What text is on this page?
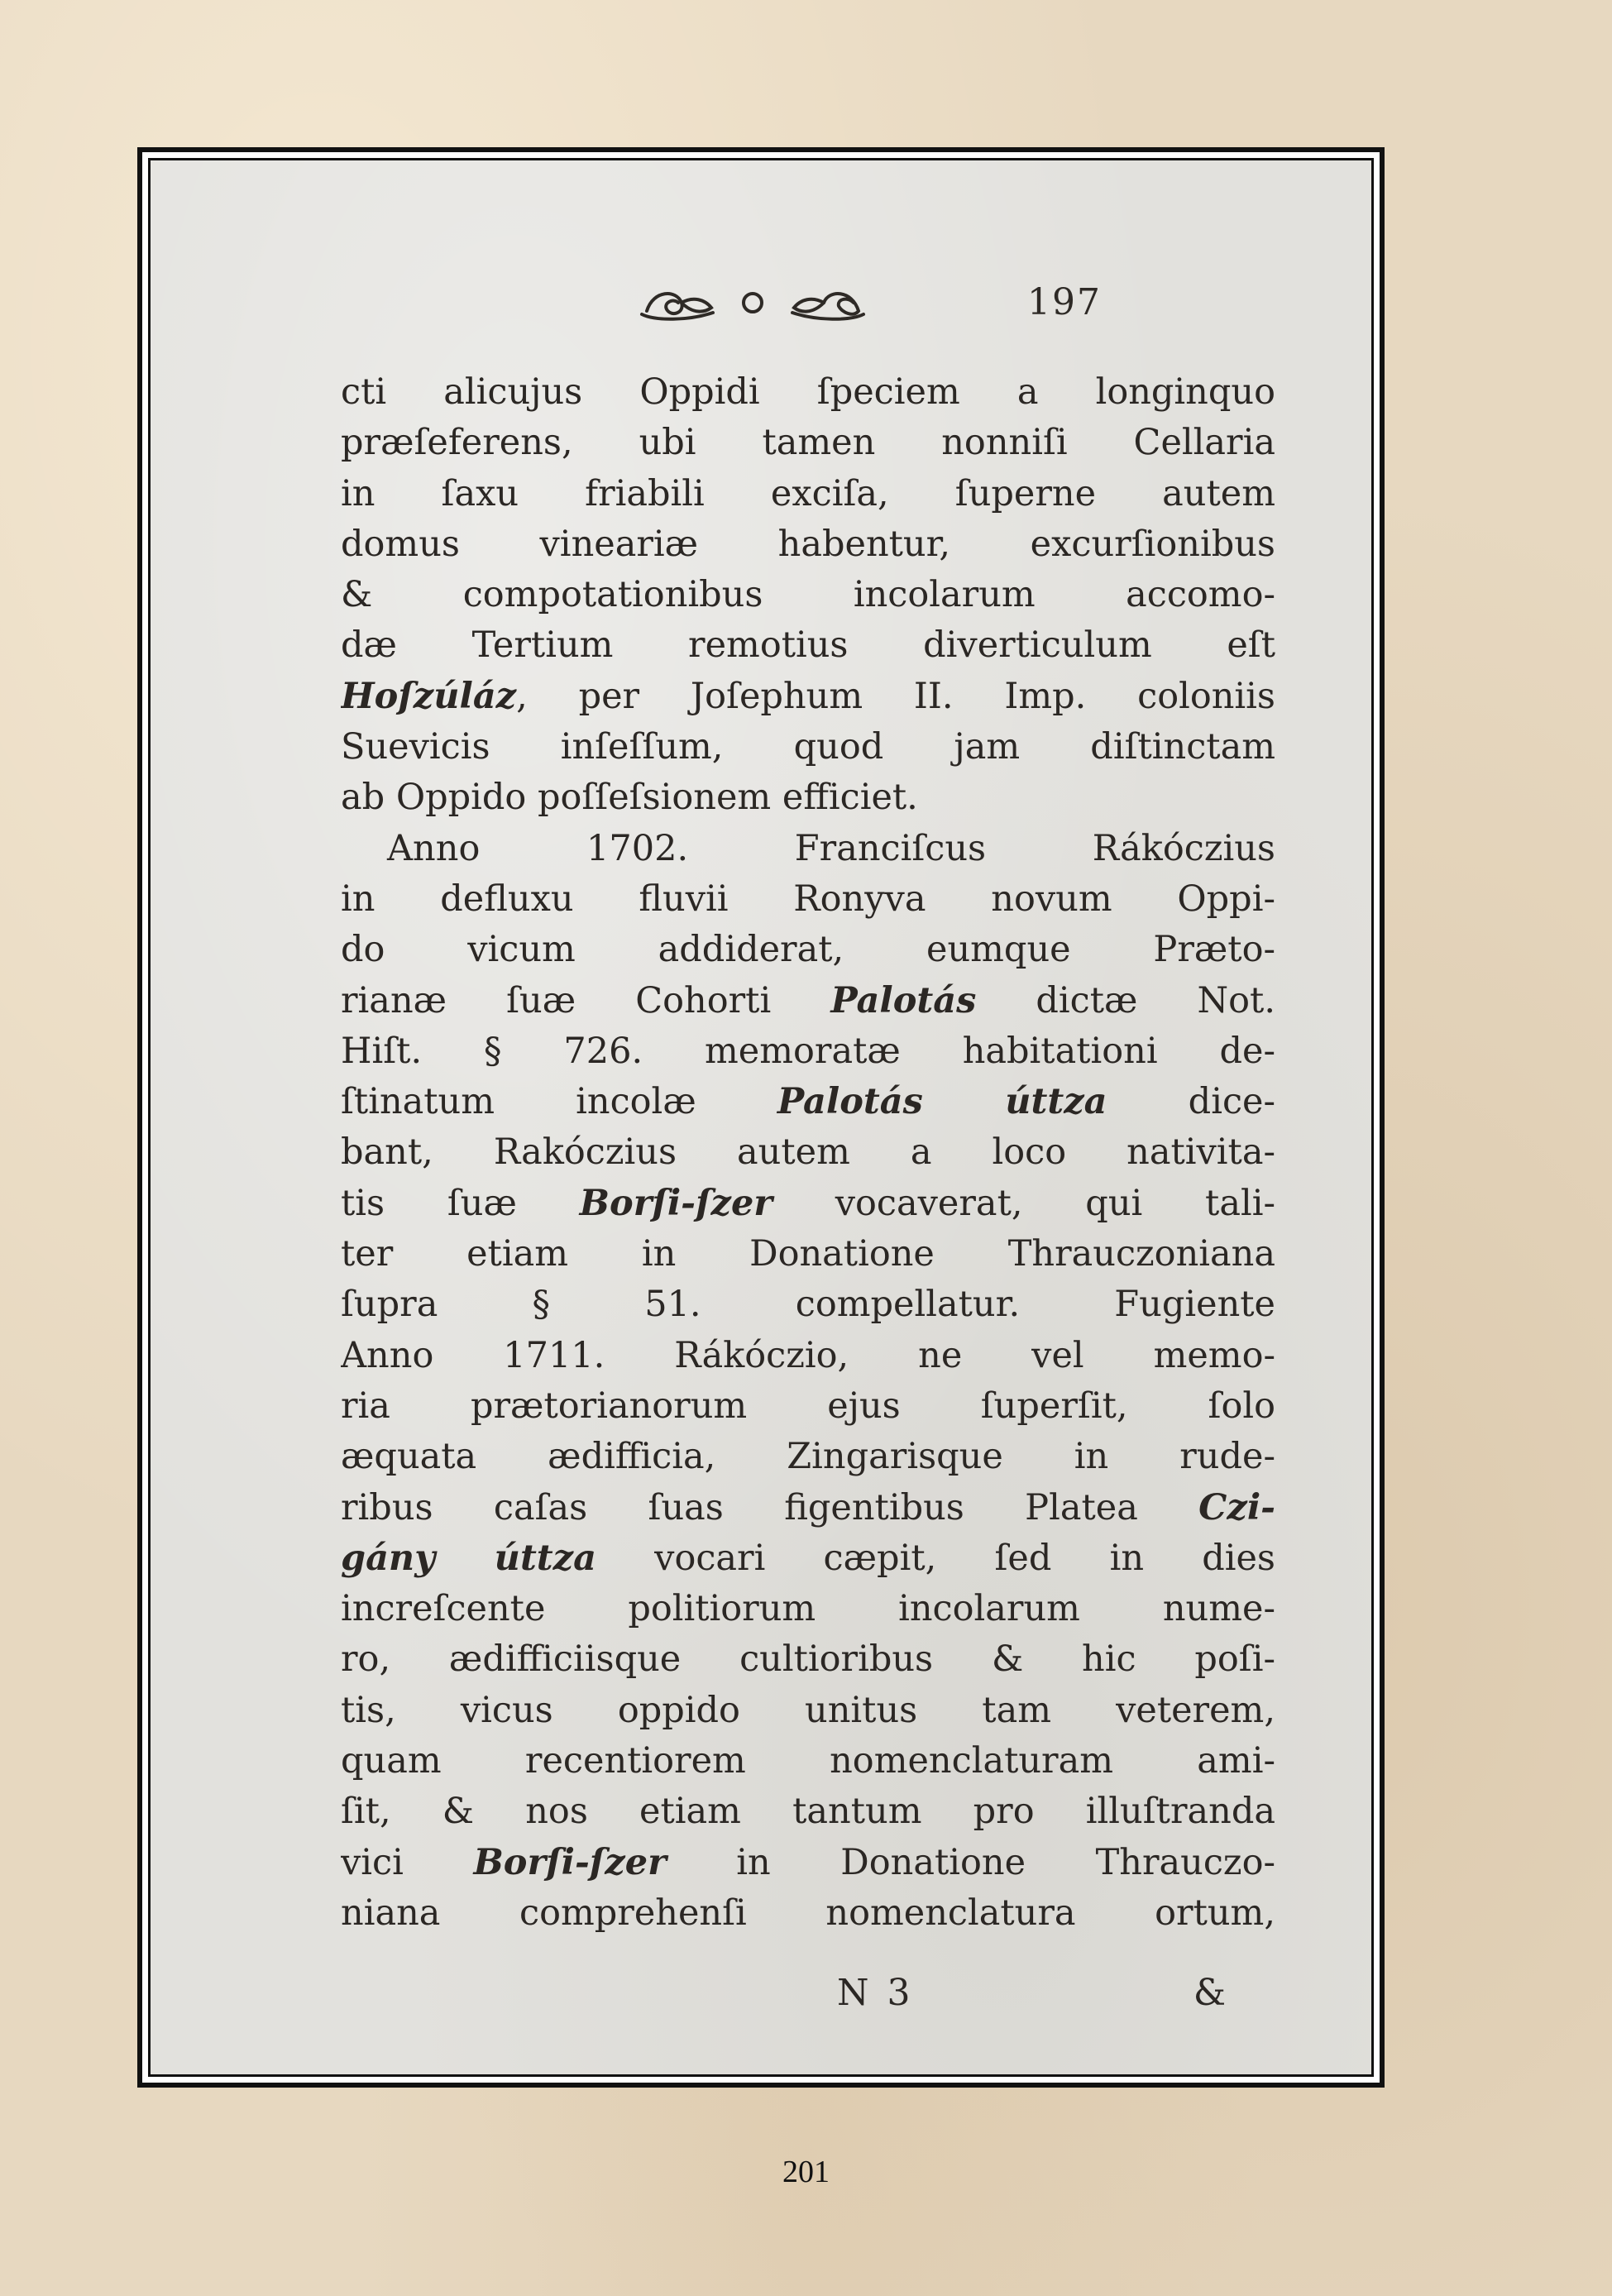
197
cti alicujus Oppidi ſpeciem a longinquo
præſeferens, ubi tamen nonniſi Cellaria
in ſaxu friabili exciſa, ſuperne autem
domus vineariæ habentur, excurſionibus
& compotationibus incolarum accomo-
dæ Tertium remotius diverticulum eſt
Hoſzúláz, per Joſephum II. Imp. coloniis
Suevicis inſeſſum, quod jam diſtinctam
ab Oppido poſſeſsionem efficiet.
Anno 1702. Franciſcus Rákóczius
in defluxu fluvii Ronyva novum Oppi-
do vicum addiderat, eumque Prætο-
rianæ ſuæ Cohorti Palotás dictæ Not.
Hiſt. § 726. memoratæ habitationi de-
ſtinatum incolæ Palotás úttza dice-
bant, Rakóczius autem a loco nativita-
tis ſuæ Borſi-ſzer vocaverat, qui tali-
ter etiam in Donatione Thrauczoniana
ſupra § 51. compellatur. Fugiente
Anno 1711. Rákóczio, ne vel memo-
ria prætorianorum ejus ſuperſit, ſolo
æquata ædifficia, Zingarisque in rude-
ribus caſas ſuas figentibus Platea Czi-
gány úttza vocari cæpit, ſed in dies
increſcente politiorum incolarum nume-
ro, ædifficiisque cultioribus & hic poſi-
tis, vicus oppido unitus tam veterem,
quam recentiorem nomenclaturam ami-
ſit, & nos etiam tantum pro illuſtranda
vici Borſi-ſzer in Donatione Thrauczo-
niana comprehenſi nomenclatura ortum,
N 3	&
201
